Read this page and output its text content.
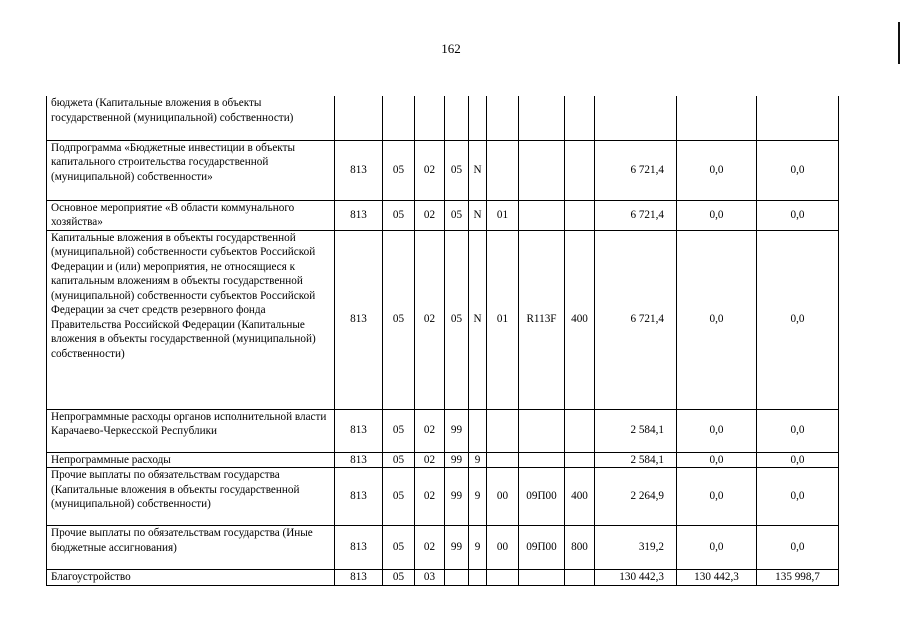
162
бюджета (Капитальные вложения в объекты государственной (муниципальной) собственности)											
Подпрограмма «Бюджетные инвестиции в объекты капитального строительства государственной (муниципальной) собственности»	813	05	02	05	N				6 721,4	0,0	0,0
Основное мероприятие «В области коммунального хозяйства»	813	05	02	05	N	01			6 721,4	0,0	0,0
Капитальные вложения в объекты государственной (муниципальной) собственности субъектов Российской Федерации и (или) мероприятия, не относящиеся к капитальным вложениям в объекты государственной (муниципальной) собственности субъектов Российской Федерации за счет средств резервного фонда Правительства Российской Федерации (Капитальные вложения в объекты государственной (муниципальной) собственности)	813	05	02	05	N	01	R113F	400	6 721,4	0,0	0,0
Непрограммные расходы органов исполнительной власти Карачаево-Черкесской Республики	813	05	02	99					2 584,1	0,0	0,0
Непрограммные расходы	813	05	02	99	9				2 584,1	0,0	0,0
Прочие выплаты по обязательствам государства (Капитальные вложения в объекты государственной (муниципальной) собственности)	813	05	02	99	9	00	09П00	400	2 264,9	0,0	0,0
Прочие выплаты по обязательствам государства (Иные бюджетные ассигнования)	813	05	02	99	9	00	09П00	800	319,2	0,0	0,0
Благоустройство	813	05	03						130 442,3	130 442,3	135 998,7
